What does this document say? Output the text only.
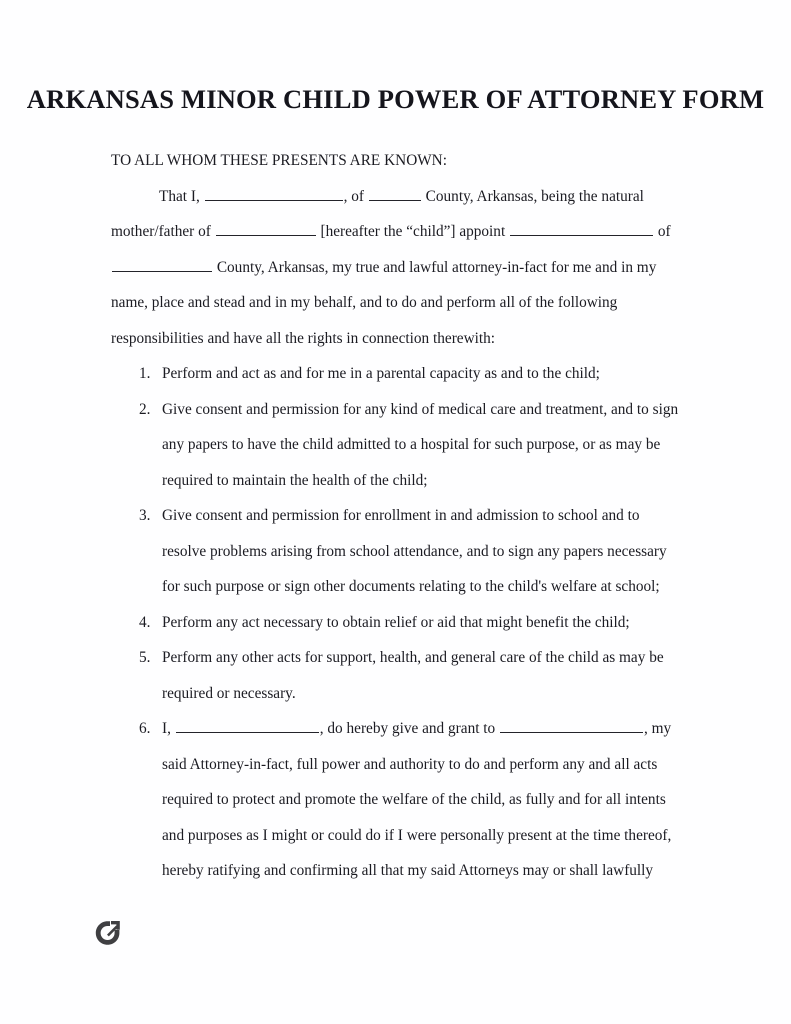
ARKANSAS MINOR CHILD POWER OF ATTORNEY FORM

TO ALL WHOM THESE PRESENTS ARE KNOWN:

That I,	, of	County, Arkansas, being the natural mother/father of	[hereafter the “child”] appoint	of  County, Arkansas, my true and lawful attorney-in-fact for me and in my name, place and stead and in my behalf, and to do and perform all of the following responsibilities and have all the rights in connection therewith:

Perform and act as and for me in a parental capacity as and to the child;
Give consent and permission for any kind of medical care and treatment, and to sign any papers to have the child admitted to a hospital for such purpose, or as may be required to maintain the health of the child;
Give consent and permission for enrollment in and admission to school and to resolve problems arising from school attendance, and to sign any papers necessary for such purpose or sign other documents relating to the child's welfare at school;
Perform any act necessary to obtain relief or aid that might benefit the child;
Perform any other acts for support, health, and general care of the child as may be required or necessary.
I,	, do hereby give and grant to	, my said Attorney-in-fact, full power and authority to do and perform any and all acts required to protect and promote the welfare of the child, as fully and for all intents and purposes as I might or could do if I were personally present at the time thereof, hereby ratifying and confirming all that my said Attorneys may or shall lawfully
